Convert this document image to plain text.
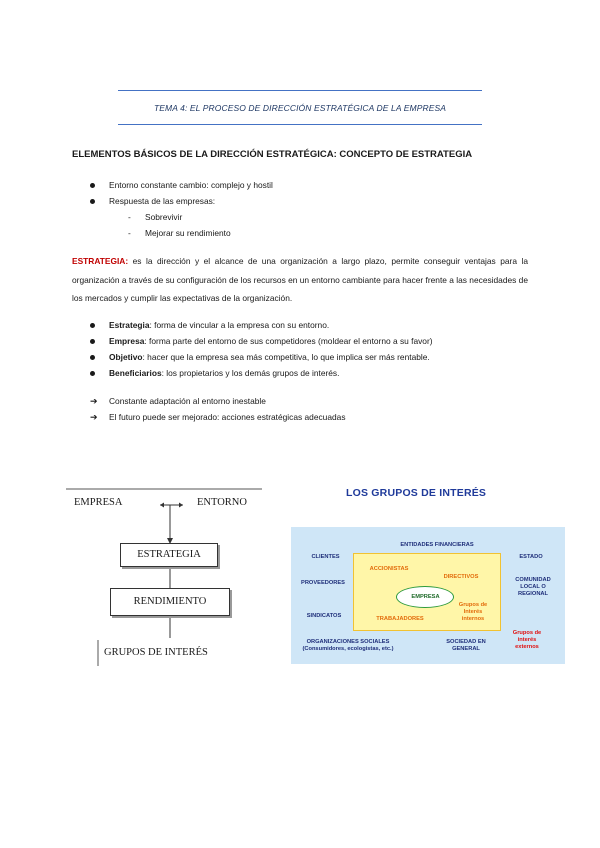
TEMA 4: EL PROCESO DE DIRECCIÓN ESTRATÉGICA DE LA EMPRESA
ELEMENTOS BÁSICOS DE LA DIRECCIÓN ESTRATÉGICA: CONCEPTO DE ESTRATEGIA
Entorno constante cambio: complejo y hostil
Respuesta de las empresas:
- Sobrevivir
- Mejorar su rendimiento
ESTRATEGIA: es la dirección y el alcance de una organización a largo plazo, permite conseguir ventajas para la organización a través de su configuración de los recursos en un entorno cambiante para hacer frente a las necesidades de los mercados y cumplir las expectativas de la organización.
Estrategia: forma de vincular a la empresa con su entorno.
Empresa: forma parte del entorno de sus competidores (moldear el entorno a su favor)
Objetivo: hacer que la empresa sea más competitiva, lo que implica ser más rentable.
Beneficiarios: los propietarios y los demás grupos de interés.
➔ Constante adaptación al entorno inestable
➔ El futuro puede ser mejorado: acciones estratégicas adecuadas
EMPRESA	ENTORNO
ESTRATEGIA
RENDIMIENTO
GRUPOS DE INTERÉS
LOS GRUPOS DE INTERÉS
ENTIDADES FINANCIERAS
CLIENTES	ESTADO
PROVEEDORES	COMUNIDAD LOCAL O REGIONAL
SINDICATOS
ACCIONISTAS
DIRECTIVOS
EMPRESA
TRABAJADORES
Grupos de Interés internos
ORGANIZACIONES SOCIALES
(Consumidores, ecologistas, etc.)
SOCIEDAD EN GENERAL
Grupos de interés externos
